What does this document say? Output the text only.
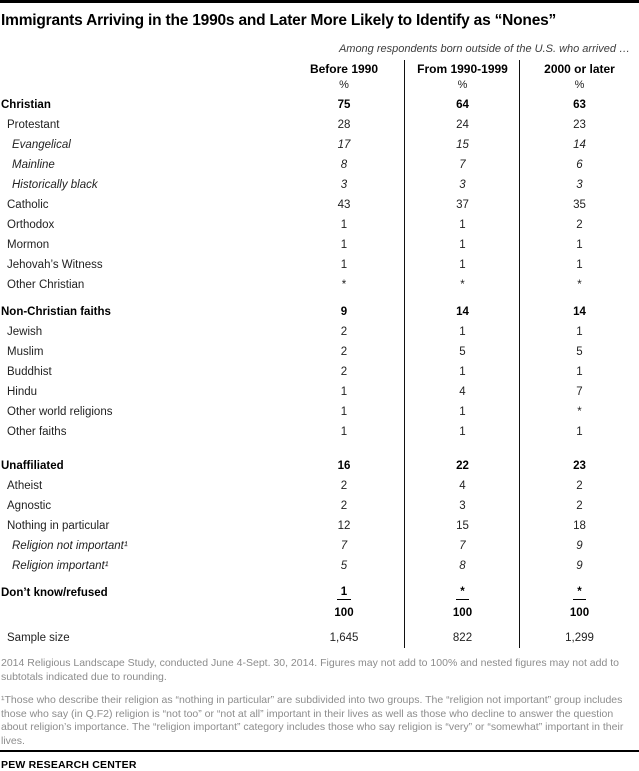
Immigrants Arriving in the 1990s and Later More Likely to Identify as “Nones”
Among respondents born outside of the U.S. who arrived …
Before 1990	From 1990-1999	2000 or later
%	%	%
Christian	75	64	63
Protestant	28	24	23
Evangelical	17	15	14
Mainline	8	7	6
Historically black	3	3	3
Catholic	43	37	35
Orthodox	1	1	2
Mormon	1	1	1
Jehovah’s Witness	1	1	1
Other Christian	*	*	*
Non-Christian faiths	9	14	14
Jewish	2	1	1
Muslim	2	5	5
Buddhist	2	1	1
Hindu	1	4	7
Other world religions	1	1	*
Other faiths	1	1	1
Unaffiliated	16	22	23
Atheist	2	4	2
Agnostic	2	3	2
Nothing in particular	12	15	18
Religion not important¹	7	7	9
Religion important¹	5	8	9
Don’t know/refused	1	*	*
100	100	100
Sample size	1,645	822	1,299
2014 Religious Landscape Study, conducted June 4-Sept. 30, 2014. Figures may not add to 100% and nested figures may not add to subtotals indicated due to rounding.
¹Those who describe their religion as “nothing in particular” are subdivided into two groups. The “religion not important” group includes those who say (in Q.F2) religion is “not too” or “not at all” important in their lives as well as those who decline to answer the question about religion’s importance. The “religion important” category includes those who say religion is “very” or “somewhat” important in their lives.
PEW RESEARCH CENTER
